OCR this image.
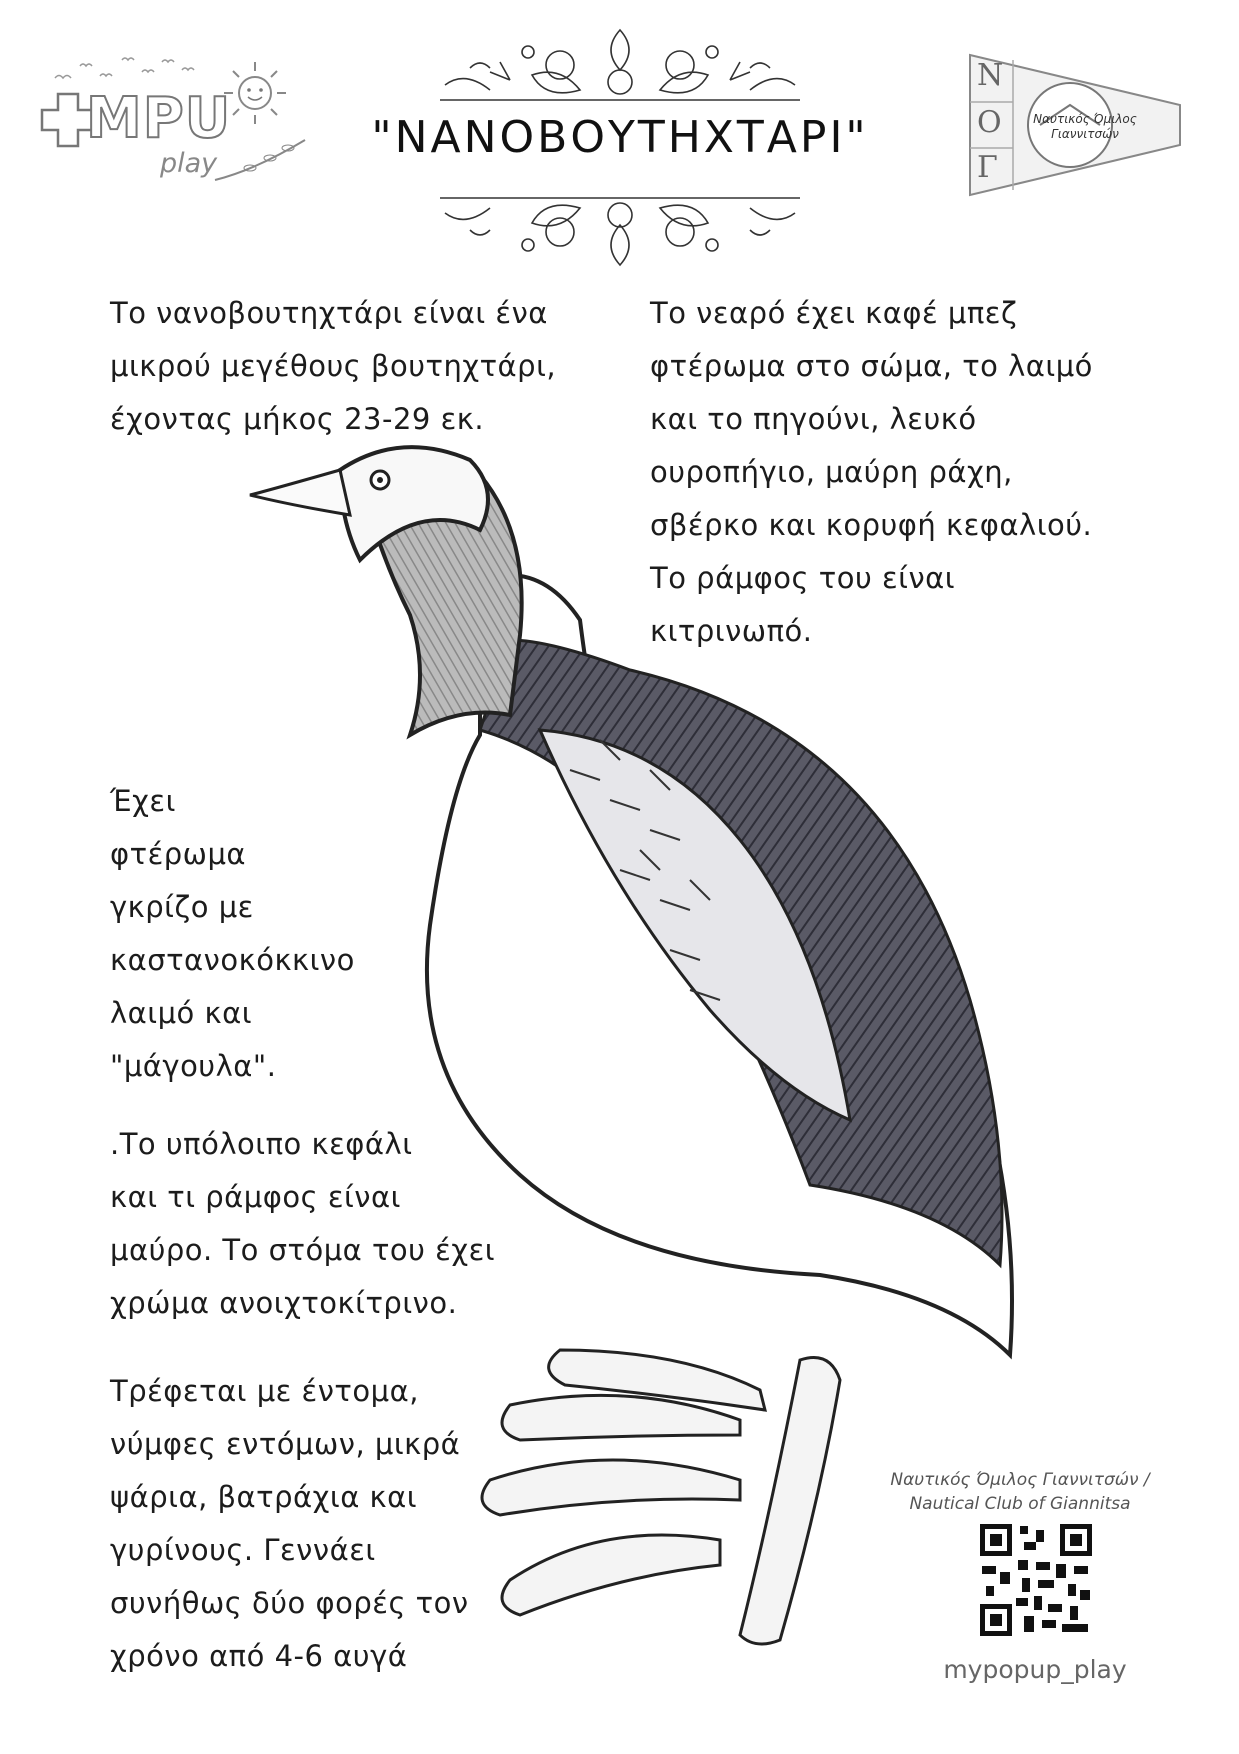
MPU
play
"ΝΑΝΟΒΟΥΤΗΧΤΑΡΙ"
Ν
Ο
Γ
Ναυτικός Όμιλος
Γιαννιτσών
Το νανοβουτηχτάρι είναι ένα
μικρού μεγέθους βουτηχτάρι,
έχοντας μήκος 23-29 εκ.
Το νεαρό έχει καφέ μπεζ
φτέρωμα στο σώμα, το λαιμό
και το πηγούνι, λευκό
ουροπήγιο, μαύρη ράχη,
σβέρκο και κορυφή κεφαλιού.
Το ράμφος του είναι
κιτρινωπό.
Έχει
φτέρωμα
γκρίζο με
καστανοκόκκινο
λαιμό και
"μάγουλα".
.Το υπόλοιπο κεφάλι
και τι ράμφος είναι
μαύρο. Το στόμα του έχει
χρώμα ανοιχτοκίτρινο.
Τρέφεται με έντομα,
νύμφες εντόμων, μικρά
ψάρια, βατράχια και
γυρίνους. Γεννάει
συνήθως δύο φορές τον
χρόνο από 4-6 αυγά
Ναυτικός Όμιλος Γιαννιτσών /
Nautical Club of Giannitsa
mypopup_play
